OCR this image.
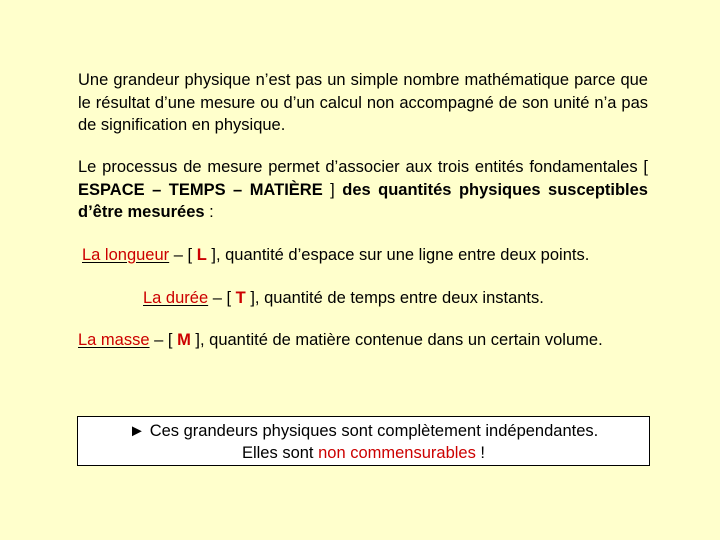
Une grandeur physique n’est pas un simple nombre mathématique parce que le résultat d’une mesure ou d’un calcul non accompagné de son unité n’a pas de signification en physique.
Le processus de mesure permet d’associer aux trois entités fondamentales [ ESPACE – TEMPS – MATIÈRE ] des quantités physiques susceptibles d’être mesurées :
La longueur – [ L ], quantité d’espace sur une ligne entre deux points.
La durée – [ T ], quantité de temps entre deux instants.
La masse – [ M ], quantité de matière contenue dans un certain volume.
► Ces grandeurs physiques sont complètement indépendantes.
Elles sont non commensurables !
